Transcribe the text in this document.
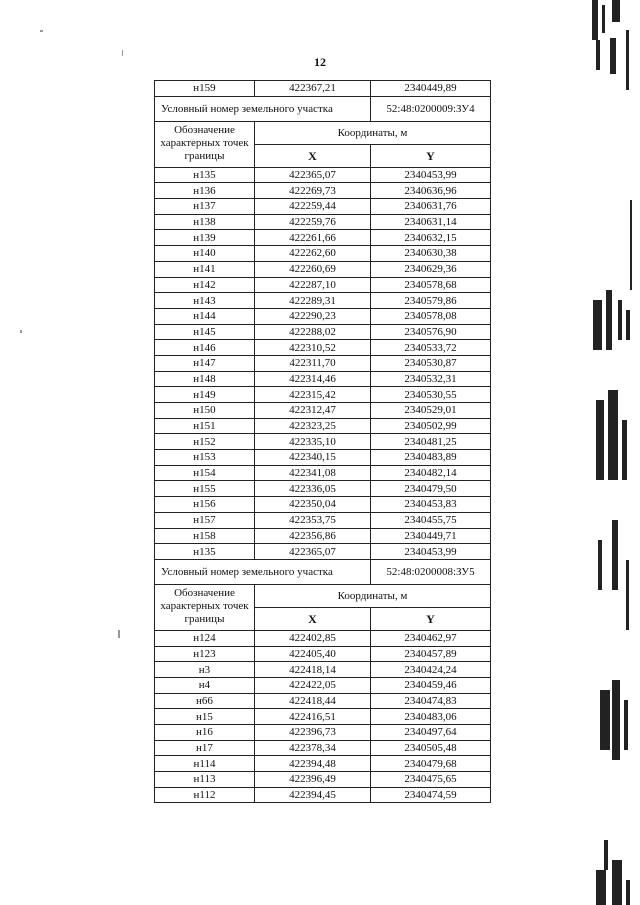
12
н159	422367,21	2340449,89
Условный номер земельного участка		52:48:0200009:ЗУ4
Обозначение характерных точек границы	Координаты, м	
	X	Y
н135	422365,07	2340453,99
н136	422269,73	2340636,96
н137	422259,44	2340631,76
н138	422259,76	2340631,14
н139	422261,66	2340632,15
н140	422262,60	2340630,38
н141	422260,69	2340629,36
н142	422287,10	2340578,68
н143	422289,31	2340579,86
н144	422290,23	2340578,08
н145	422288,02	2340576,90
н146	422310,52	2340533,72
н147	422311,70	2340530,87
н148	422314,46	2340532,31
н149	422315,42	2340530,55
н150	422312,47	2340529,01
н151	422323,25	2340502,99
н152	422335,10	2340481,25
н153	422340,15	2340483,89
н154	422341,08	2340482,14
н155	422336,05	2340479,50
н156	422350,04	2340453,83
н157	422353,75	2340455,75
н158	422356,86	2340449,71
н135	422365,07	2340453,99
Условный номер земельного участка		52:48:0200008:ЗУ5
Обозначение характерных точек границы	Координаты, м	
	X	Y
н124	422402,85	2340462,97
н123	422405,40	2340457,89
н3	422418,14	2340424,24
н4	422422,05	2340459,46
н66	422418,44	2340474,83
н15	422416,51	2340483,06
н16	422396,73	2340497,64
н17	422378,34	2340505,48
н114	422394,48	2340479,68
н113	422396,49	2340475,65
н112	422394,45	2340474,59
